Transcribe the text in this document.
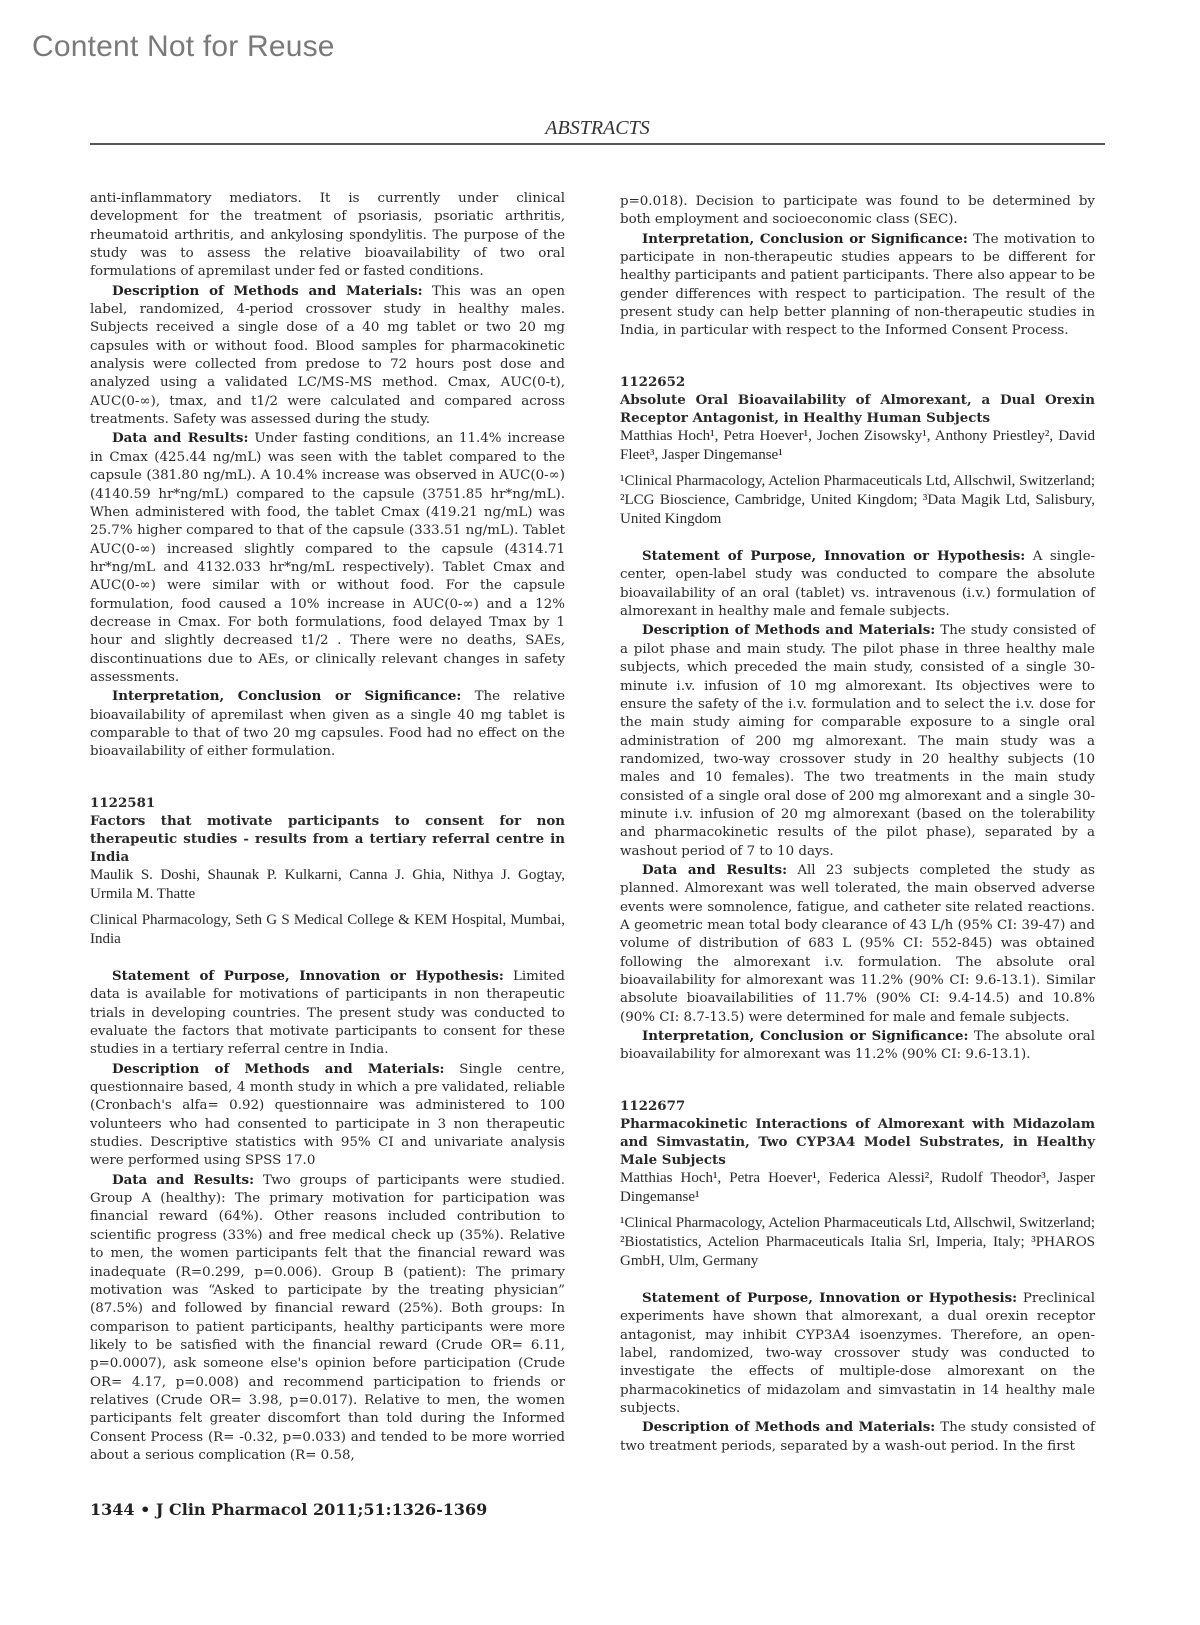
Content Not for Reuse
ABSTRACTS

anti-inflammatory mediators. It is currently under clinical development for the treatment of psoriasis, psoriatic arthritis, rheumatoid arthritis, and ankylosing spondylitis. The purpose of the study was to assess the relative bioavailability of two oral formulations of apremilast under fed or fasted conditions.

Description of Methods and Materials: This was an open label, randomized, 4-period crossover study in healthy males. Subjects received a single dose of a 40 mg tablet or two 20 mg capsules with or without food. Blood samples for pharmacokinetic analysis were collected from predose to 72 hours post dose and analyzed using a validated LC/MS-MS method. Cmax, AUC(0-t), AUC(0-∞), tmax, and t1/2 were calculated and compared across treatments. Safety was assessed during the study.

Data and Results: Under fasting conditions, an 11.4% increase in Cmax (425.44 ng/mL) was seen with the tablet compared to the capsule (381.80 ng/mL). A 10.4% increase was observed in AUC(0-∞) (4140.59 hr*ng/mL) compared to the capsule (3751.85 hr*ng/mL). When administered with food, the tablet Cmax (419.21 ng/mL) was 25.7% higher compared to that of the capsule (333.51 ng/mL). Tablet AUC(0-∞) increased slightly compared to the capsule (4314.71 hr*ng/mL and 4132.033 hr*ng/mL respectively). Tablet Cmax and AUC(0-∞) were similar with or without food. For the capsule formulation, food caused a 10% increase in AUC(0-∞) and a 12% decrease in Cmax. For both formulations, food delayed Tmax by 1 hour and slightly decreased t1/2 . There were no deaths, SAEs, discontinuations due to AEs, or clinically relevant changes in safety assessments.

Interpretation, Conclusion or Significance: The relative bioavailability of apremilast when given as a single 40 mg tablet is comparable to that of two 20 mg capsules. Food had no effect on the bioavailability of either formulation.

1122581

Factors that motivate participants to consent for non therapeutic studies - results from a tertiary referral centre in India

Maulik S. Doshi, Shaunak P. Kulkarni, Canna J. Ghia, Nithya J. Gogtay, Urmila M. Thatte

Clinical Pharmacology, Seth G S Medical College & KEM Hospital, Mumbai, India

Statement of Purpose, Innovation or Hypothesis: Limited data is available for motivations of participants in non therapeutic trials in developing countries. The present study was conducted to evaluate the factors that motivate participants to consent for these studies in a tertiary referral centre in India.

Description of Methods and Materials: Single centre, questionnaire based, 4 month study in which a pre validated, reliable (Cronbach's alfa= 0.92) questionnaire was administered to 100 volunteers who had consented to participate in 3 non therapeutic studies. Descriptive statistics with 95% CI and univariate analysis were performed using SPSS 17.0

Data and Results: Two groups of participants were studied. Group A (healthy): The primary motivation for participation was financial reward (64%). Other reasons included contribution to scientific progress (33%) and free medical check up (35%). Relative to men, the women participants felt that the financial reward was inadequate (R=0.299, p=0.006). Group B (patient): The primary motivation was “Asked to participate by the treating physician” (87.5%) and followed by financial reward (25%). Both groups: In comparison to patient participants, healthy participants were more likely to be satisfied with the financial reward (Crude OR= 6.11, p=0.0007), ask someone else's opinion before participation (Crude OR= 4.17, p=0.008) and recommend participation to friends or relatives (Crude OR= 3.98, p=0.017). Relative to men, the women participants felt greater discomfort than told during the Informed Consent Process (R= -0.32, p=0.033) and tended to be more worried about a serious complication (R= 0.58,

p=0.018). Decision to participate was found to be determined by both employment and socioeconomic class (SEC).

Interpretation, Conclusion or Significance: The motivation to participate in non-therapeutic studies appears to be different for healthy participants and patient participants. There also appear to be gender differences with respect to participation. The result of the present study can help better planning of non-therapeutic studies in India, in particular with respect to the Informed Consent Process.

1122652

Absolute Oral Bioavailability of Almorexant, a Dual Orexin Receptor Antagonist, in Healthy Human Subjects

Matthias Hoch¹, Petra Hoever¹, Jochen Zisowsky¹, Anthony Priestley², David Fleet³, Jasper Dingemanse¹

¹Clinical Pharmacology, Actelion Pharmaceuticals Ltd, Allschwil, Switzerland; ²LCG Bioscience, Cambridge, United Kingdom; ³Data Magik Ltd, Salisbury, United Kingdom

Statement of Purpose, Innovation or Hypothesis: A single-center, open-label study was conducted to compare the absolute bioavailability of an oral (tablet) vs. intravenous (i.v.) formulation of almorexant in healthy male and female subjects.

Description of Methods and Materials: The study consisted of a pilot phase and main study. The pilot phase in three healthy male subjects, which preceded the main study, consisted of a single 30-minute i.v. infusion of 10 mg almorexant. Its objectives were to ensure the safety of the i.v. formulation and to select the i.v. dose for the main study aiming for comparable exposure to a single oral administration of 200 mg almorexant. The main study was a randomized, two-way crossover study in 20 healthy subjects (10 males and 10 females). The two treatments in the main study consisted of a single oral dose of 200 mg almorexant and a single 30-minute i.v. infusion of 20 mg almorexant (based on the tolerability and pharmacokinetic results of the pilot phase), separated by a washout period of 7 to 10 days.

Data and Results: All 23 subjects completed the study as planned. Almorexant was well tolerated, the main observed adverse events were somnolence, fatigue, and catheter site related reactions. A geometric mean total body clearance of 43 L/h (95% CI: 39-47) and volume of distribution of 683 L (95% CI: 552-845) was obtained following the almorexant i.v. formulation. The absolute oral bioavailability for almorexant was 11.2% (90% CI: 9.6-13.1). Similar absolute bioavailabilities of 11.7% (90% CI: 9.4-14.5) and 10.8% (90% CI: 8.7-13.5) were determined for male and female subjects.

Interpretation, Conclusion or Significance: The absolute oral bioavailability for almorexant was 11.2% (90% CI: 9.6-13.1).

1122677

Pharmacokinetic Interactions of Almorexant with Midazolam and Simvastatin, Two CYP3A4 Model Substrates, in Healthy Male Subjects

Matthias Hoch¹, Petra Hoever¹, Federica Alessi², Rudolf Theodor³, Jasper Dingemanse¹

¹Clinical Pharmacology, Actelion Pharmaceuticals Ltd, Allschwil, Switzerland; ²Biostatistics, Actelion Pharmaceuticals Italia Srl, Imperia, Italy; ³PHAROS GmbH, Ulm, Germany

Statement of Purpose, Innovation or Hypothesis: Preclinical experiments have shown that almorexant, a dual orexin receptor antagonist, may inhibit CYP3A4 isoenzymes. Therefore, an open-label, randomized, two-way crossover study was conducted to investigate the effects of multiple-dose almorexant on the pharmacokinetics of midazolam and simvastatin in 14 healthy male subjects.

Description of Methods and Materials: The study consisted of two treatment periods, separated by a wash-out period. In the first

1344 • J Clin Pharmacol 2011;51:1326-1369
